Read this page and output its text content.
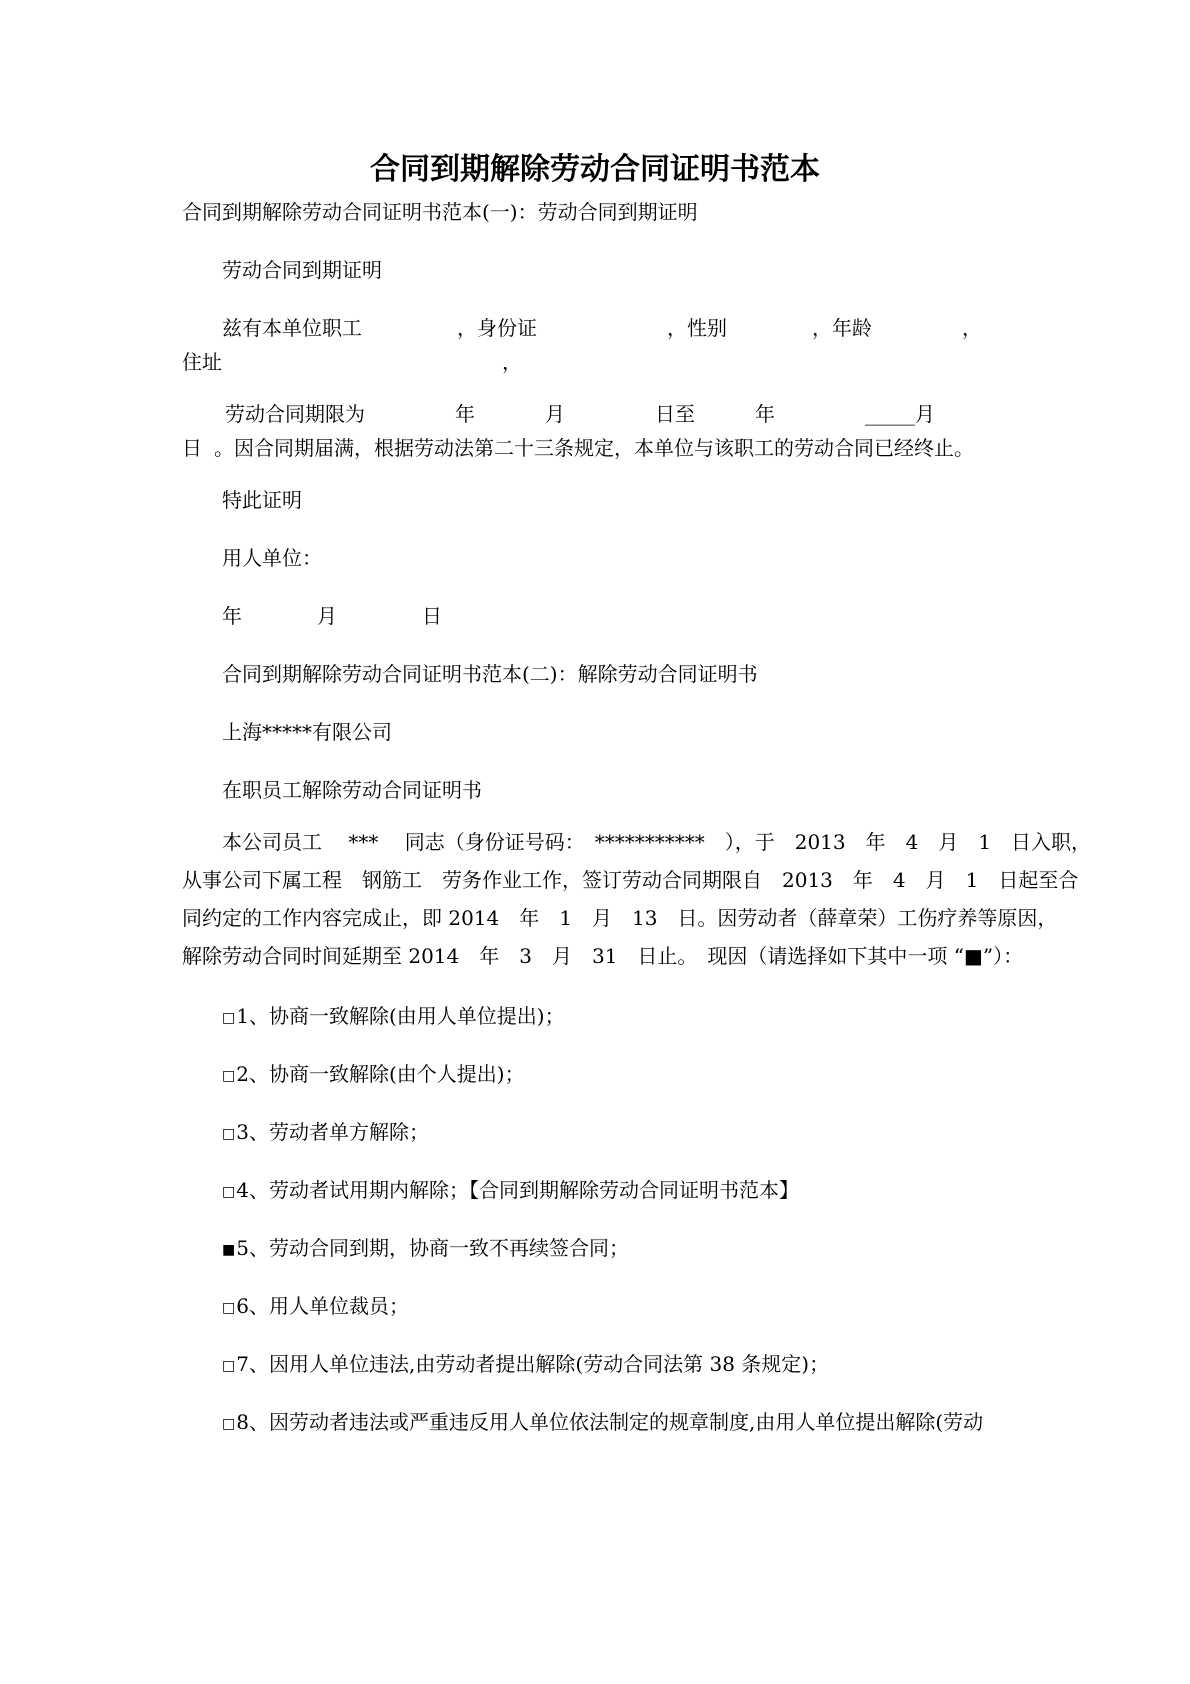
合同到期解除劳动合同证明书范本
合同到期解除劳动合同证明书范本(一)：劳动合同到期证明
劳动合同到期证明
兹有本单位职工	，身份证	，性别	，年龄	，
住址	，
劳动合同期限为	年	月	日至	年	_____月
日 。因合同期届满，根据劳动法第二十三条规定，本单位与该职工的劳动合同已经终止。
特此证明
用人单位：
年	月	日
合同到期解除劳动合同证明书范本(二)：解除劳动合同证明书
上海*****有限公司
在职员工解除劳动合同证明书
本公司员工　 ***　 同志（身份证号码：　***********　），于　2013　年　4　月　1　日入职，
从事公司下属工程　钢筋工　劳务作业工作，签订劳动合同期限自　2013　年　4　月　1　日起至合
同约定的工作内容完成止，即 2014　年　1　月　13　日。因劳动者（薛章荣）工伤疗养等原因，
解除劳动合同时间延期至 2014　年　3　月　31　日止。　现因（请选择如下其中一项 “■”）：
□1、协商一致解除(由用人单位提出)；
□2、协商一致解除(由个人提出)；
□3、劳动者单方解除；
□4、劳动者试用期内解除；【合同到期解除劳动合同证明书范本】
■5、劳动合同到期，协商一致不再续签合同；
□6、用人单位裁员；
□7、因用人单位违法,由劳动者提出解除(劳动合同法第 38 条规定)；
□8、因劳动者违法或严重违反用人单位依法制定的规章制度,由用人单位提出解除(劳动
